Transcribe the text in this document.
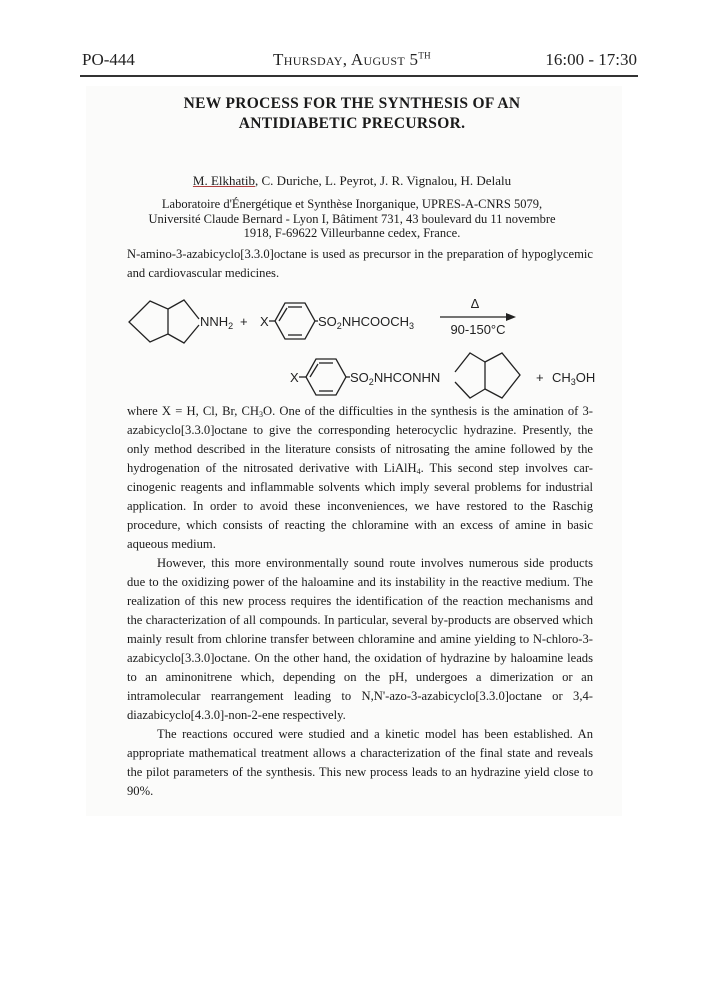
PO-444	Thursday, August 5TH	16:00 - 17:30
NEW PROCESS FOR THE SYNTHESIS OF AN
ANTIDIABETIC PRECURSOR.
M. Elkhatib, C. Duriche, L. Peyrot, J. R. Vignalou, H. Delalu
Laboratoire d'Énergétique et Synthèse Inorganique, UPRES-A-CNRS 5079,
Université Claude Bernard - Lyon I, Bâtiment 731, 43 boulevard du 11 novembre
1918, F-69622 Villeurbanne cedex, France.
N-amino-3-azabicyclo[3.3.0]octane is used as precursor in the preparation of hypoglycemic and cardiovascular medicines.
$NNH_2 + X$	$SO_2NHCOOCH_3$
Δ
90-150°C
X	$SO_2NHCONHN$	+ $CH_3OH$

where X = H, Cl, Br, $CH_3O$. One of the difficulties in the synthesis is the amination of 3-azabicyclo[3.3.0]octane to give the corresponding heterocyclic hydrazine. Presently, the only method described in the literature consists of nitrosating the amine followed by the hydrogenation of the nitrosated derivative with LiAlH$_4$. This second step involves car-cinogenic reagents and inflammable solvents which imply several problems for industrial application. In order to avoid these inconveniences, we have restored to the Raschig procedure, which consists of reacting the chloramine with an excess of amine in basic aqueous medium.

However, this more environmentally sound route involves numerous side products due to the oxidizing power of the haloamine and its instability in the reactive medium. The realization of this new process requires the identification of the reaction mechanisms and the characterization of all compounds. In particular, several by-products are observed which mainly result from chlorine transfer between chloramine and amine yielding to N-chloro-3-azabicyclo[3.3.0]octane. On the other hand, the oxidation of hydrazine by haloamine leads to an aminonitrene which, depending on the pH, undergoes a dimerization or an intramolecular rearrangement leading to N,N'-azo-3-azabicyclo[3.3.0]octane or 3,4-diazabicyclo[4.3.0]-non-2-ene respectively.

The reactions occured were studied and a kinetic model has been established. An appropriate mathematical treatment allows a characterization of the final state and reveals the pilot parameters of the synthesis. This new process leads to an hydrazine yield close to 90%.
